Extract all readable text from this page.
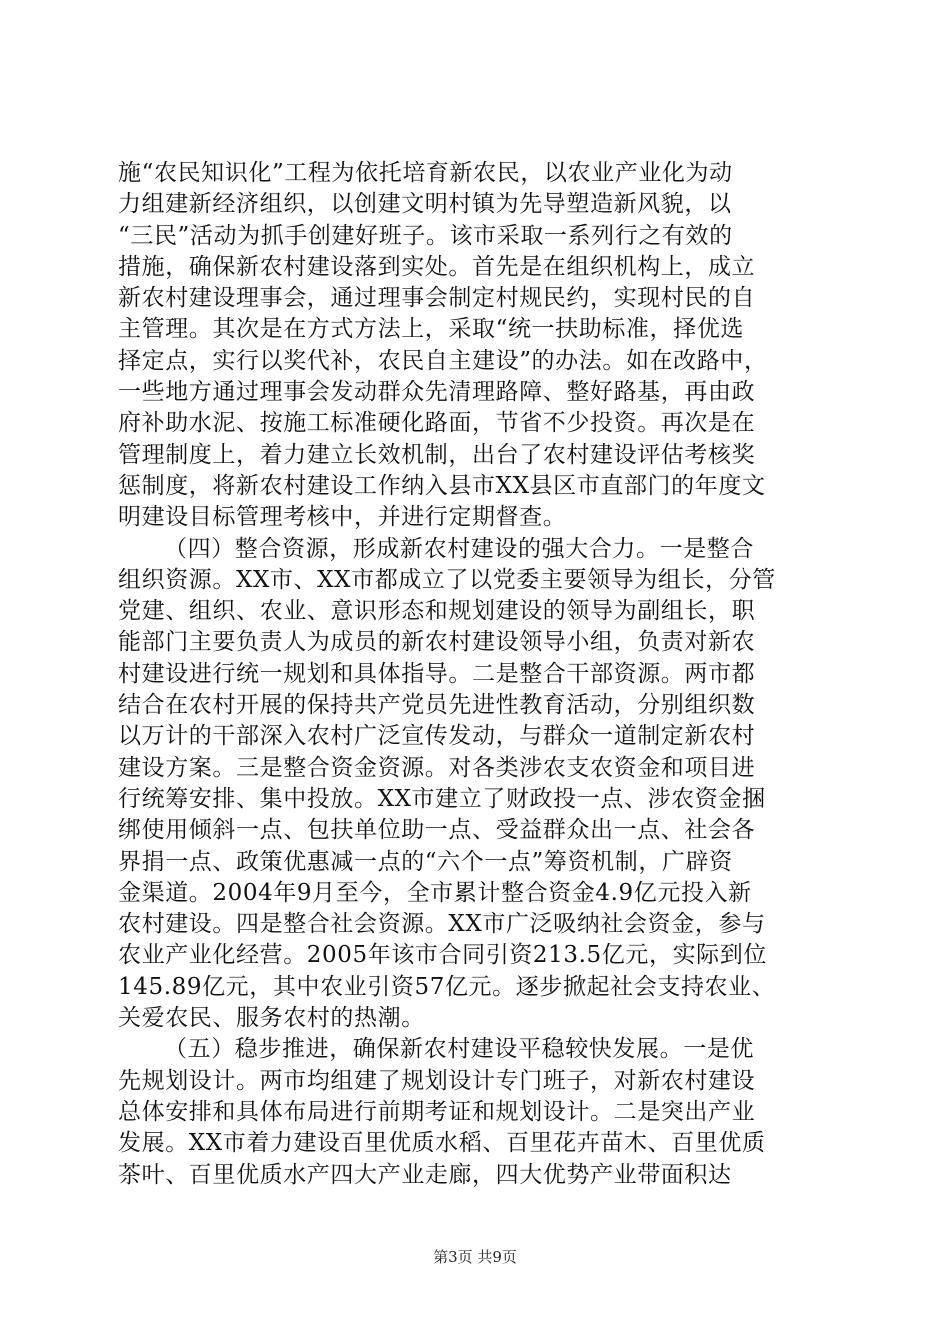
施“农民知识化”工程为依托培育新农民，以农业产业化为动
力组建新经济组织，以创建文明村镇为先导塑造新风貌，以
“三民”活动为抓手创建好班子。该市采取一系列行之有效的
措施，确保新农村建设落到实处。首先是在组织机构上，成立
新农村建设理事会，通过理事会制定村规民约，实现村民的自
主管理。其次是在方式方法上，采取“统一扶助标准，择优选
择定点，实行以奖代补，农民自主建设”的办法。如在改路中，
一些地方通过理事会发动群众先清理路障、整好路基，再由政
府补助水泥、按施工标准硬化路面，节省不少投资。再次是在
管理制度上，着力建立长效机制，出台了农村建设评估考核奖
惩制度，将新农村建设工作纳入县市XX县区市直部门的年度文
明建设目标管理考核中，并进行定期督查。
（四）整合资源，形成新农村建设的强大合力。一是整合
组织资源。XX市、XX市都成立了以党委主要领导为组长，分管
党建、组织、农业、意识形态和规划建设的领导为副组长，职
能部门主要负责人为成员的新农村建设领导小组，负责对新农
村建设进行统一规划和具体指导。二是整合干部资源。两市都
结合在农村开展的保持共产党员先进性教育活动，分别组织数
以万计的干部深入农村广泛宣传发动，与群众一道制定新农村
建设方案。三是整合资金资源。对各类涉农支农资金和项目进
行统筹安排、集中投放。XX市建立了财政投一点、涉农资金捆
绑使用倾斜一点、包扶单位助一点、受益群众出一点、社会各
界捐一点、政策优惠减一点的“六个一点”筹资机制，广辟资
金渠道。2004年9月至今，全市累计整合资金4.9亿元投入新
农村建设。四是整合社会资源。XX市广泛吸纳社会资金，参与
农业产业化经营。2005年该市合同引资213.5亿元，实际到位
145.89亿元，其中农业引资57亿元。逐步掀起社会支持农业、
关爱农民、服务农村的热潮。
（五）稳步推进，确保新农村建设平稳较快发展。一是优
先规划设计。两市均组建了规划设计专门班子，对新农村建设
总体安排和具体布局进行前期考证和规划设计。二是突出产业
发展。XX市着力建设百里优质水稻、百里花卉苗木、百里优质
茶叶、百里优质水产四大产业走廊，四大优势产业带面积达
第3页 共9页
